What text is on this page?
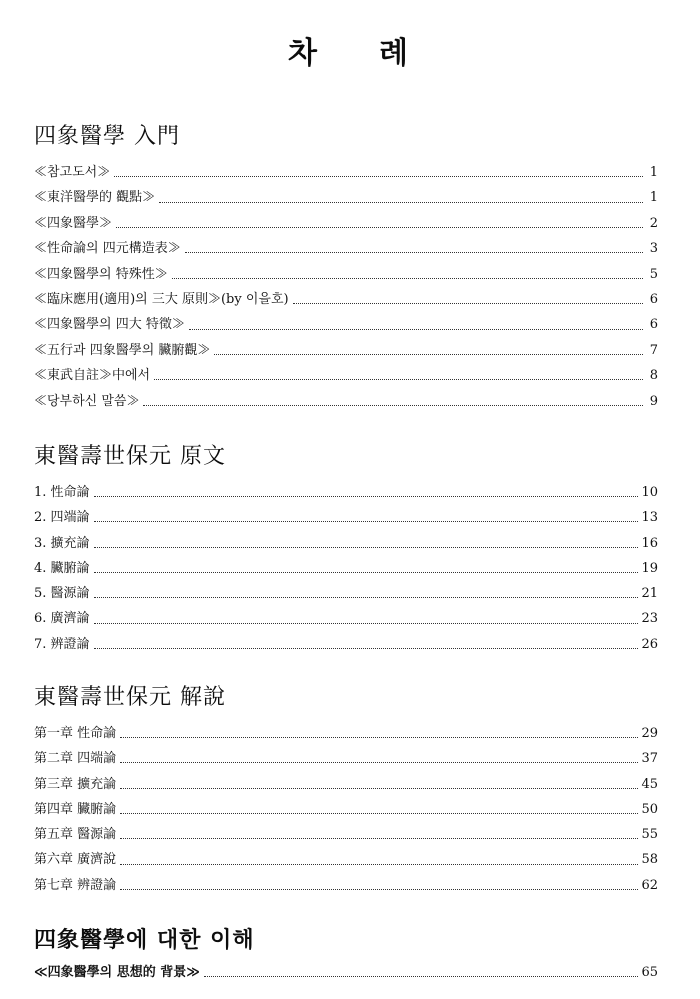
차 례
四象醫學 入門
≪참고도서≫	1
≪東洋醫學的 觀點≫	1
≪四象醫學≫	2
≪性命論의 四元構造表≫	3
≪四象醫學의 特殊性≫	5
≪臨床應用(適用)의 三大 原則≫(by 이을호)	6
≪四象醫學의 四大 特徵≫	6
≪五行과 四象醫學의 臟腑觀≫	7
≪東武自註≫中에서	8
≪당부하신 말씀≫	9
東醫壽世保元 原文
1. 性命論	10
2. 四端論	13
3. 擴充論	16
4. 臟腑論	19
5. 醫源論	21
6. 廣濟論	23
7. 辨證論	26
東醫壽世保元 解說
第一章 性命論	29
第二章 四端論	37
第三章 擴充論	45
第四章 臟腑論	50
第五章 醫源論	55
第六章 廣濟說	58
第七章 辨證論	62
四象醫學에 대한 이해
≪四象醫學의 思想的 背景≫	65
